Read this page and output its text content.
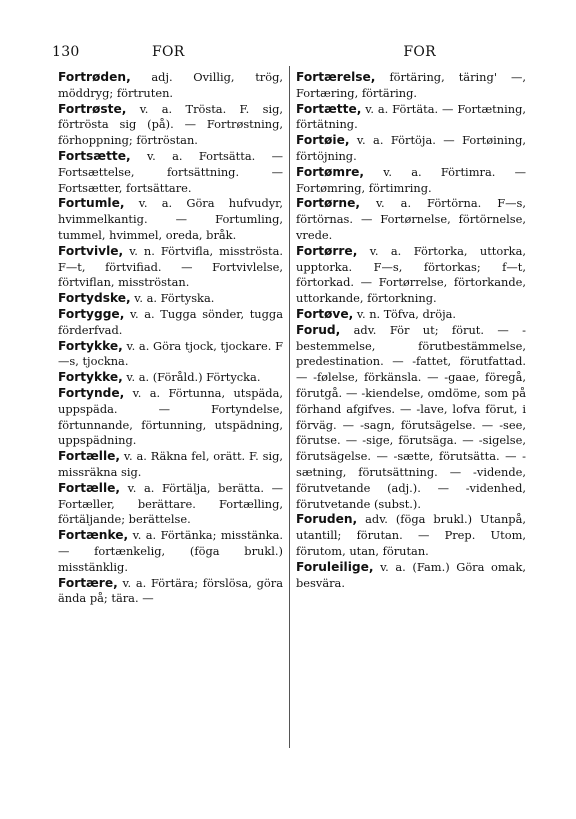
130	FOR	FOR

Fortrøden, adj. Ovillig, trög, möddryg; förtruten.

Fortrøste, v. a. Trösta. F. sig, förtrösta sig (på). — Fortrøstning, förhoppning; förtröstan.

Fortsætte, v. a. Fortsätta. — Fortsættelse, fortsättning. — Fortsætter, fortsättare.

Fortumle, v. a. Göra hufvudyr, hvimmelkantig. — Fortumling, tummel, hvimmel, oreda, bråk.

Fortvivle, v. n. Förtvifla, misströsta. F—t, förtvifiad. — Fortvivlelse, förtviflan, misströstan.

Fortydske, v. a. Förtyska.

Fortygge, v. a. Tugga sönder, tugga förderfvad.

Fortykke, v. a. Göra tjock, tjockare. F—s, tjockna.

Fortykke, v. a. (Föråld.) Förtycka.

Fortynde, v. a. Förtunna, utspäda, uppspäda. — Fortyndelse, förtunnande, förtunning, utspädning, uppspädning.

Fortælle, v. a. Räkna fel, orätt. F. sig, missräkna sig.

Fortælle, v. a. Förtälja, berätta. — Fortæller, berättare. Fortælling, förtäljande; berättelse.

Fortænke, v. a. Förtänka; misstänka. — fortænkelig, (föga brukl.) misstänklig.

Fortære, v. a. Förtära; förslösa, göra ända på; tära. —

Fortærelse, förtäring, täring' —, Fortæring, förtäring.

Fortætte, v. a. Förtäta. — Fortætning, förtätning.

Fortøie, v. a. Förtöja. — Fortøining, förtöjning.

Fortømre, v. a. Förtimra. — Fortømring, förtimring.

Fortørne, v. a. Förtörna. F—s, förtörnas. — Fortørnelse, förtörnelse, vrede.

Fortørre, v. a. Förtorka, uttorka, upptorka. F—s, förtorkas; f—t, förtorkad. — Fortørrelse, förtorkande, uttorkande, förtorkning.

Fortøve, v. n. Töfva, dröja.

Forud, adv. För ut; förut. — -bestemmelse, förutbestämmelse, predestination. — -fattet, förutfattad. — -følelse, förkänsla. — -gaae, föregå, förutgå. — -kiendelse, omdöme, som på förhand afgifves. — -lave, lofva förut, i förväg. — -sagn, förutsägelse. — -see, förutse. — -sige, förutsäga. — -sigelse, förutsägelse. — -sætte, förutsätta. — -sætning, förutsättning. — -vidende, förutvetande (adj.). — -videnhed, förutvetande (subst.).

Foruden, adv. (föga brukl.) Utanpå, utantill; förutan. — Prep. Utom, förutom, utan, förutan.

Foruleilige, v. a. (Fam.) Göra omak, besvära.
